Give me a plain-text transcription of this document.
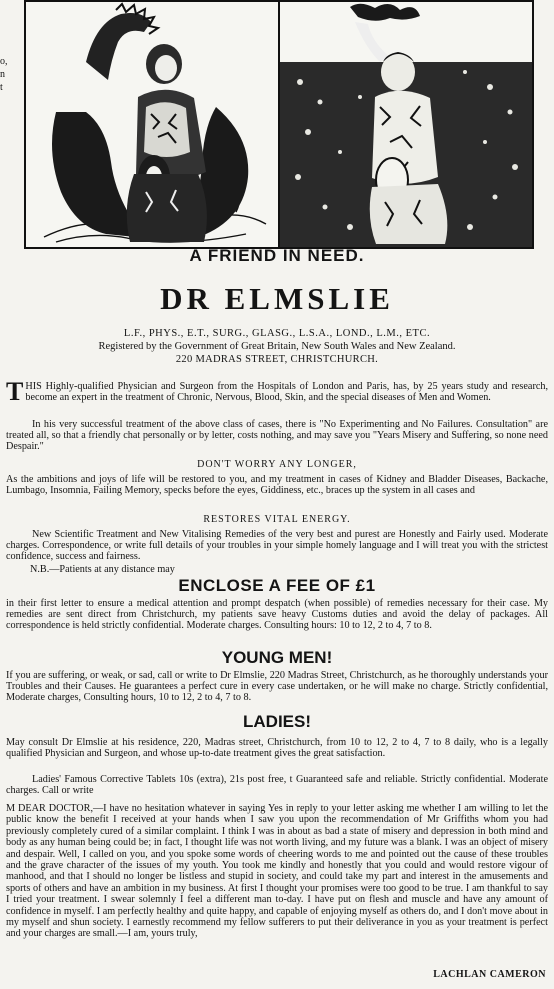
o,
n
t
A FRIEND IN NEED.
DR ELMSLIE
L.F., PHYS., E.T., SURG., GLASG., L.S.A., LOND., L.M., ETC.
Registered by the Government of Great Britain, New South Wales and New Zealand.
220 MADRAS STREET, CHRISTCHURCH.
THIS Highly-qualified Physician and Surgeon from the Hospitals of London and Paris, has, by 25 years study and research, become an expert in the treatment of Chronic, Nervous, Blood, Skin, and the special diseases of Men and Women.
In his very successful treatment of the above class of cases, there is "No Experimenting and No Failures. Consultation" are treated all, so that a friendly chat personally or by letter, costs nothing, and may save you "Years Misery and Suffering, so none need Despair."
DON'T WORRY ANY LONGER,
As the ambitions and joys of life will be restored to you, and my treatment in cases of Kidney and Bladder Diseases, Backache, Lumbago, Insomnia, Failing Memory, specks before the eyes, Giddiness, etc., braces up the system in all cases and
RESTORES VITAL ENERGY.
New Scientific Treatment and New Vitalising Remedies of the very best and purest are Honestly and Fairly used. Moderate charges. Correspondence, or write full details of your troubles in your simple homely language and I will treat you with the strictest confidence, success and fairness.
N.B.—Patients at any distance may
ENCLOSE A FEE OF £1
in their first letter to ensure a medical attention and prompt despatch (when possible) of remedies necessary for their case. My remedies are sent direct from Christchurch, my patients save heavy Customs duties and avoid the delay of packages. All correspondence is held strictly confidential. Moderate charges. Consulting hours: 10 to 12, 2 to 4, 7 to 8.
YOUNG MEN!
If you are suffering, or weak, or sad, call or write to Dr Elmslie, 220 Madras Street, Christchurch, as he thoroughly understands your Troubles and their Causes. He guarantees a perfect cure in every case undertaken, or he will make no charge. Strictly confidential, Moderate charges, Consulting hours, 10 to 12, 2 to 4, 7 to 8.
LADIES!
May consult Dr Elmslie at his residence, 220, Madras street, Christchurch, from 10 to 12, 2 to 4, 7 to 8 daily, who is a legally qualified Physician and Surgeon, and whose up-to-date treatment gives the great satisfaction.
Ladies' Famous Corrective Tablets 10s (extra), 21s post free, t Guaranteed safe and reliable. Strictly confidential. Moderate charges. Call or write
M DEAR DOCTOR,—I have no hesitation whatever in saying Yes in reply to your letter asking me whether I am willing to let the public know the benefit I received at your hands when I saw you upon the recommendation of Mr Griffiths whom you had previously completely cured of a similar complaint. I think I was in about as bad a state of misery and depression in both mind and body as any human being could be; in fact, I thought life was not worth living, and my future was a blank. I was an object of misery and despair. Well, I called on you, and you spoke some words of cheering words to me and pointed out the cause of these troubles and the grave character of the issues of my youth. You took me kindly and honestly that you could and would restore vigour of manhood, and that I should no longer be listless and stupid in society, and could take my part and interest in the amusements and sports of others and have an ambition in my business. At first I thought your promises were too good to be true. I am thankful to say I tried your treatment. I swear solemnly I feel a different man to-day. I have put on flesh and muscle and have any amount of confidence in myself. I am perfectly healthy and quite happy, and capable of enjoying myself as others do, and I don't move about in my myself and shun society. I earnestly recommend my fellow sufferers to put their deliverance in you as your treatment is perfect and your charges are small.—I am, yours truly,
LACHLAN CAMERON
